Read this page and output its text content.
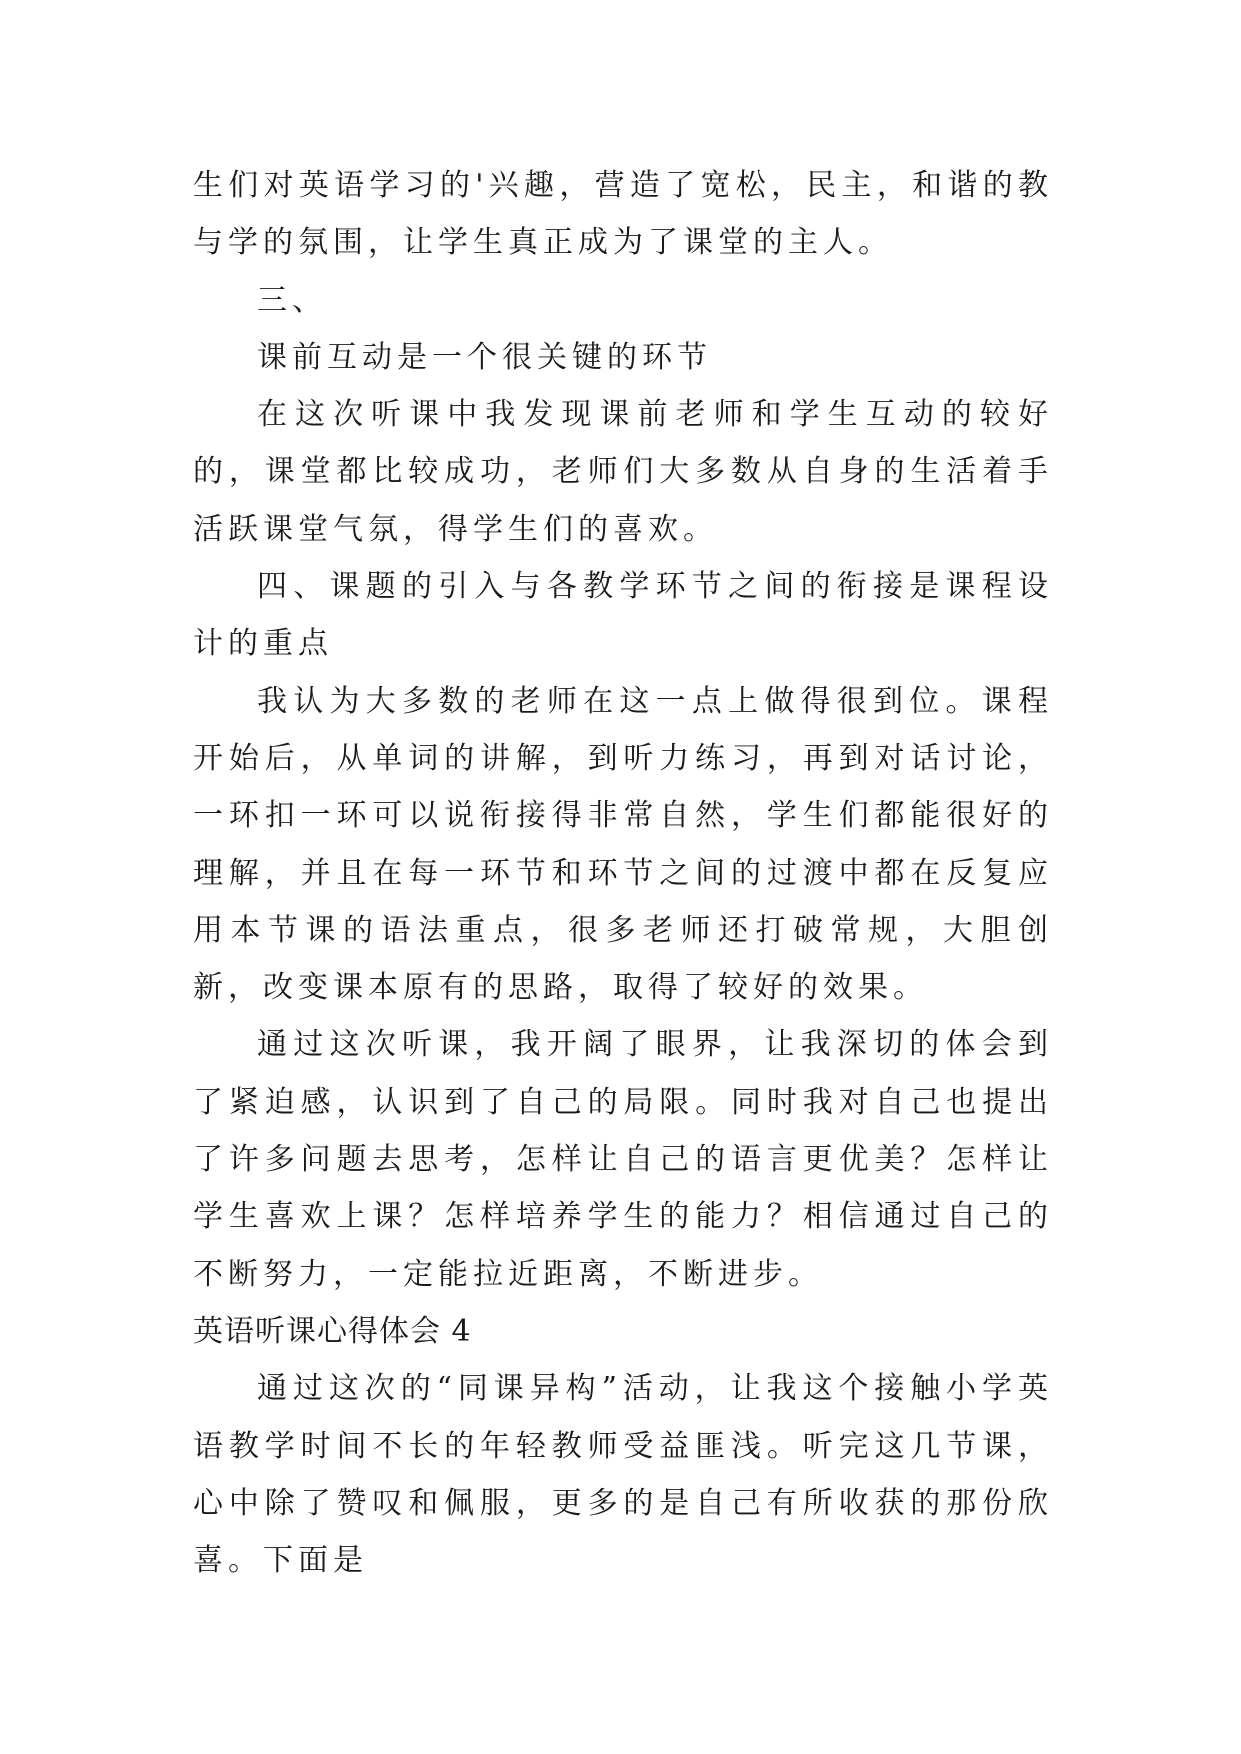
生们对英语学习的'兴趣，营造了宽松，民主，和谐的教与学的氛围，让学生真正成为了课堂的主人。

三、

课前互动是一个很关键的环节

在这次听课中我发现课前老师和学生互动的较好的，课堂都比较成功，老师们大多数从自身的生活着手活跃课堂气氛，得学生们的喜欢。

四、课题的引入与各教学环节之间的衔接是课程设计的重点

我认为大多数的老师在这一点上做得很到位。课程开始后，从单词的讲解，到听力练习，再到对话讨论，一环扣一环可以说衔接得非常自然，学生们都能很好的理解，并且在每一环节和环节之间的过渡中都在反复应用本节课的语法重点，很多老师还打破常规，大胆创新，改变课本原有的思路，取得了较好的效果。

通过这次听课，我开阔了眼界，让我深切的体会到了紧迫感，认识到了自己的局限。同时我对自己也提出了许多问题去思考，怎样让自己的语言更优美？怎样让学生喜欢上课？怎样培养学生的能力？相信通过自己的不断努力，一定能拉近距离，不断进步。

英语听课心得体会 4

通过这次的“同课异构”活动，让我这个接触小学英语教学时间不长的年轻教师受益匪浅。听完这几节课，心中除了赞叹和佩服，更多的是自己有所收获的那份欣喜。下面是
